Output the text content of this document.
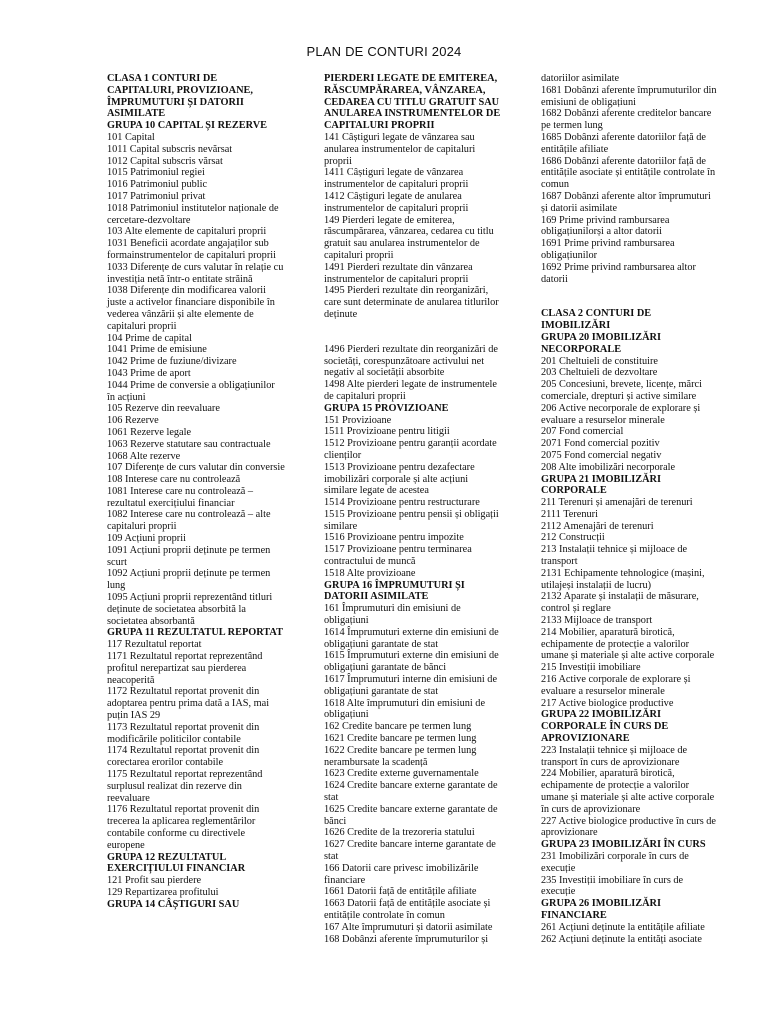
PLAN DE CONTURI 2024
CLASA 1 CONTURI DE CAPITALURI, PROVIZIOANE, ÎMPRUMUTURI ȘI DATORII ASIMILATE
GRUPA 10 CAPITAL ȘI REZERVE
101 Capital
1011 Capital subscris nevărsat
1012 Capital subscris vărsat
1015 Patrimoniul regiei
1016 Patrimoniul public
1017 Patrimoniul privat
1018 Patrimoniul institutelor naționale de cercetare-dezvoltare
103 Alte elemente de capitaluri proprii
1031 Beneficii acordate angajaților sub formainstrumentelor de capitaluri proprii
1033 Diferențe de curs valutar în relație cu investiția netă într-o entitate străină
1038 Diferențe din modificarea valorii juste a activelor financiare disponibile în vederea vânzării și alte elemente de capitaluri proprii
104 Prime de capital
1041 Prime de emisiune
1042 Prime de fuziune/divizare
1043 Prime de aport
1044 Prime de conversie a obligațiunilor în acțiuni
105 Rezerve din reevaluare
106 Rezerve
1061 Rezerve legale
1063 Rezerve statutare sau contractuale
1068 Alte rezerve
107 Diferențe de curs valutar din conversie
108 Interese care nu controlează
1081 Interese care nu controlează – rezultatul exercițiului financiar
1082 Interese care nu controlează – alte capitaluri proprii
109 Acțiuni proprii
1091 Acțiuni proprii deținute pe termen scurt
1092 Acțiuni proprii deținute pe termen lung
1095 Acțiuni proprii reprezentând titluri deținute de societatea absorbită la societatea absorbantă
GRUPA 11 REZULTATUL REPORTAT
117 Rezultatul reportat
1171 Rezultatul reportat reprezentând profitul nerepartizat sau pierderea neacoperită
1172 Rezultatul reportat provenit din adoptarea pentru prima dată a IAS, mai puțin IAS 29
1173 Rezultatul reportat provenit din modificările politicilor contabile
1174 Rezultatul reportat provenit din corectarea erorilor contabile
1175 Rezultatul reportat reprezentând surplusul realizat din rezerve din reevaluare
1176 Rezultatul reportat provenit din trecerea la aplicarea reglementărilor contabile conforme cu directivele europene
GRUPA 12 REZULTATUL EXERCIȚIULUI FINANCIAR
121 Profit sau pierdere
129 Repartizarea profitului
GRUPA 14 CÂȘTIGURI SAU
PIERDERI LEGATE DE EMITEREA, RĂSCUMPĂRAREA, VÂNZAREA, CEDAREA CU TITLU GRATUIT SAU ANULAREA INSTRUMENTELOR DE CAPITALURI PROPRII
141 Câștiguri legate de vânzarea sau anularea instrumentelor de capitaluri proprii
1411 Câștiguri legate de vânzarea instrumentelor de capitaluri proprii
1412 Câștiguri legate de anularea instrumentelor de capitaluri proprii
149 Pierderi legate de emiterea, răscumpărarea, vânzarea, cedarea cu titlu gratuit sau anularea instrumentelor de capitaluri proprii
1491 Pierderi rezultate din vânzarea instrumentelor de capitaluri proprii
1495 Pierderi rezultate din reorganizări, care sunt determinate de anularea titlurilor deținute
1496 Pierderi rezultate din reorganizări de societăți, corespunzătoare activului net negativ al societății absorbite
1498 Alte pierderi legate de instrumentele de capitaluri proprii
GRUPA 15 PROVIZIOANE
151 Provizioane
1511 Provizioane pentru litigii
1512 Provizioane pentru garanții acordate clienților
1513 Provizioane pentru dezafectare imobilizări corporale și alte acțiuni similare legate de acestea
1514 Provizioane pentru restructurare
1515 Provizioane pentru pensii și obligații similare
1516 Provizioane pentru impozite
1517 Provizioane pentru terminarea contractului de muncă
1518 Alte provizioane
GRUPA 16 ÎMPRUMUTURI ȘI DATORII ASIMILATE
161 Împrumuturi din emisiuni de obligațiuni
1614 Împrumuturi externe din emisiuni de obligațiuni garantate de stat
1615 Împrumuturi externe din emisiuni de obligațiuni garantate de bănci
1617 Împrumuturi interne din emisiuni de obligațiuni garantate de stat
1618 Alte împrumuturi din emisiuni de obligațiuni
162 Credite bancare pe termen lung
1621 Credite bancare pe termen lung
1622 Credite bancare pe termen lung nerambursate la scadență
1623 Credite externe guvernamentale
1624 Credite bancare externe garantate de stat
1625 Credite bancare externe garantate de bănci
1626 Credite de la trezoreria statului
1627 Credite bancare interne garantate de stat
166 Datorii care privesc imobilizările financiare
1661 Datorii față de entitățile afiliate
1663 Datorii față de entitățile asociate și entitățile controlate în comun
167 Alte împrumuturi și datorii asimilate
168 Dobânzi aferente împrumuturilor și
datoriilor asimilate
1681 Dobânzi aferente împrumuturilor din emisiuni de obligațiuni
1682 Dobânzi aferente creditelor bancare pe termen lung
1685 Dobânzi aferente datoriilor față de entitățile afiliate
1686 Dobânzi aferente datoriilor față de entitățile asociate și entitățile controlate în comun
1687 Dobânzi aferente altor împrumuturi și datorii asimilate
169 Prime privind rambursarea obligațiunilorși a altor datorii
1691 Prime privind rambursarea obligațiunilor
1692 Prime privind rambursarea altor datorii
CLASA 2 CONTURI DE IMOBILIZĂRI
GRUPA 20 IMOBILIZĂRI NECORPORALE
201 Cheltuieli de constituire
203 Cheltuieli de dezvoltare
205 Concesiuni, brevete, licențe, mărci comerciale, drepturi și active similare
206 Active necorporale de explorare și evaluare a resurselor minerale
207 Fond comercial
2071 Fond comercial pozitiv
2075 Fond comercial negativ
208 Alte imobilizări necorporale
GRUPA 21 IMOBILIZĂRI CORPORALE
211 Terenuri și amenajări de terenuri
2111 Terenuri
2112 Amenajări de terenuri
212 Construcții
213 Instalații tehnice și mijloace de transport
2131 Echipamente tehnologice (mașini, utilajeși instalații de lucru)
2132 Aparate și instalații de măsurare, control și reglare
2133 Mijloace de transport
214 Mobilier, aparatură birotică, echipamente de protecție a valorilor umane și materiale și alte active corporale
215 Investiții imobiliare
216 Active corporale de explorare și evaluare a resurselor minerale
217 Active biologice productive
GRUPA 22 IMOBILIZĂRI CORPORALE ÎN CURS DE APROVIZIONARE
223 Instalații tehnice și mijloace de transport în curs de aprovizionare
224 Mobilier, aparatură birotică, echipamente de protecție a valorilor umane și materiale și alte active corporale în curs de aprovizionare
227 Active biologice productive în curs de aprovizionare
GRUPA 23 IMOBILIZĂRI ÎN CURS
231 Imobilizări corporale în curs de execuție
235 Investiții imobiliare în curs de execuție
GRUPA 26 IMOBILIZĂRI FINANCIARE
261 Acțiuni deținute la entitățile afiliate
262 Acțiuni deținute la entități asociate
